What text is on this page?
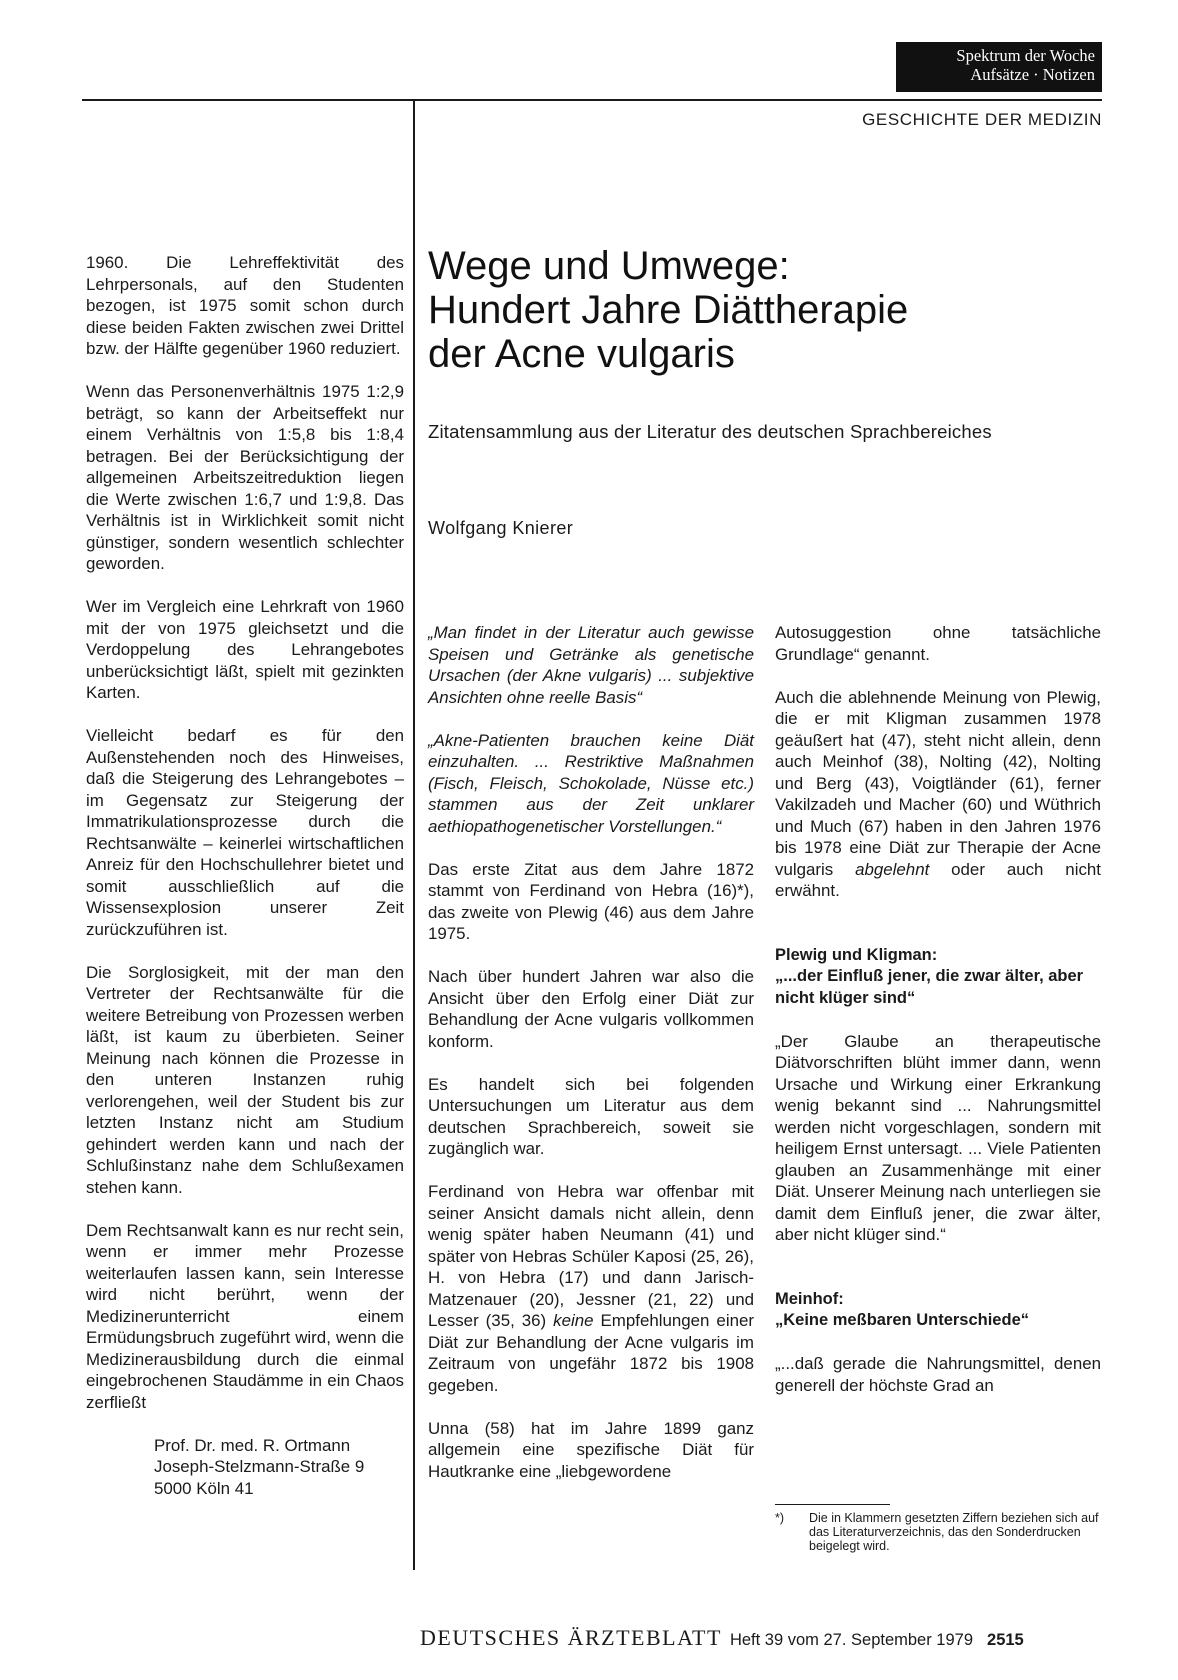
Spektrum der Woche
Aufsätze · Notizen
GESCHICHTE DER MEDIZIN

1960. Die Lehreffektivität des Lehrpersonals, auf den Studenten bezogen, ist 1975 somit schon durch diese beiden Fakten zwischen zwei Drittel bzw. der Hälfte gegenüber 1960 reduziert.

Wenn das Personenverhältnis 1975 1:2,9 beträgt, so kann der Arbeitseffekt nur einem Verhältnis von 1:5,8 bis 1:8,4 betragen. Bei der Berücksichtigung der allgemeinen Arbeitszeitreduktion liegen die Werte zwischen 1:6,7 und 1:9,8. Das Verhältnis ist in Wirklichkeit somit nicht günstiger, sondern wesentlich schlechter geworden.

Wer im Vergleich eine Lehrkraft von 1960 mit der von 1975 gleichsetzt und die Verdoppelung des Lehrangebotes unberücksichtigt läßt, spielt mit gezinkten Karten.

Vielleicht bedarf es für den Außenstehenden noch des Hinweises, daß die Steigerung des Lehrangebotes – im Gegensatz zur Steigerung der Immatrikulationsprozesse durch die Rechtsanwälte – keinerlei wirtschaftlichen Anreiz für den Hochschullehrer bietet und somit ausschließlich auf die Wissensexplosion unserer Zeit zurückzuführen ist.

Die Sorglosigkeit, mit der man den Vertreter der Rechtsanwälte für die weitere Betreibung von Prozessen werben läßt, ist kaum zu überbieten. Seiner Meinung nach können die Prozesse in den unteren Instanzen ruhig verlorengehen, weil der Student bis zur letzten Instanz nicht am Studium gehindert werden kann und nach der Schlußinstanz nahe dem Schlußexamen stehen kann.

Dem Rechtsanwalt kann es nur recht sein, wenn er immer mehr Prozesse weiterlaufen lassen kann, sein Interesse wird nicht berührt, wenn der Medizinerunterricht einem Ermüdungsbruch zugeführt wird, wenn die Medizinerausbildung durch die einmal eingebrochenen Staudämme in ein Chaos zerfließt

Prof. Dr. med. R. Ortmann
Joseph-Stelzmann-Straße 9
5000 Köln 41
Wege und Umwege:
Hundert Jahre Diättherapie
der Acne vulgaris
Zitatensammlung aus der Literatur des deutschen Sprachbereiches
Wolfgang Knierer

„Man findet in der Literatur auch gewisse Speisen und Getränke als genetische Ursachen (der Akne vulgaris) ... subjektive Ansichten ohne reelle Basis“

„Akne-Patienten brauchen keine Diät einzuhalten. ... Restriktive Maßnahmen (Fisch, Fleisch, Schokolade, Nüsse etc.) stammen aus der Zeit unklarer aethiopathogenetischer Vorstellungen.“

Das erste Zitat aus dem Jahre 1872 stammt von Ferdinand von Hebra (16)*), das zweite von Plewig (46) aus dem Jahre 1975.

Nach über hundert Jahren war also die Ansicht über den Erfolg einer Diät zur Behandlung der Acne vulgaris vollkommen konform.

Es handelt sich bei folgenden Untersuchungen um Literatur aus dem deutschen Sprachbereich, soweit sie zugänglich war.

Ferdinand von Hebra war offenbar mit seiner Ansicht damals nicht allein, denn wenig später haben Neumann (41) und später von Hebras Schüler Kaposi (25, 26), H. von Hebra (17) und dann Jarisch-Matzenauer (20), Jessner (21, 22) und Lesser (35, 36) keine Empfehlungen einer Diät zur Behandlung der Acne vulgaris im Zeitraum von ungefähr 1872 bis 1908 gegeben.

Unna (58) hat im Jahre 1899 ganz allgemein eine spezifische Diät für Hautkranke eine „liebgewordene

Autosuggestion ohne tatsächliche Grundlage“ genannt.

Auch die ablehnende Meinung von Plewig, die er mit Kligman zusammen 1978 geäußert hat (47), steht nicht allein, denn auch Meinhof (38), Nolting (42), Nolting und Berg (43), Voigtländer (61), ferner Vakilzadeh und Macher (60) und Wüthrich und Much (67) haben in den Jahren 1976 bis 1978 eine Diät zur Therapie der Acne vulgaris abgelehnt oder auch nicht erwähnt.

Plewig und Kligman:
„...der Einfluß jener, die zwar älter, aber nicht klüger sind“

„Der Glaube an therapeutische Diätvorschriften blüht immer dann, wenn Ursache und Wirkung einer Erkrankung wenig bekannt sind ... Nahrungsmittel werden nicht vorgeschlagen, sondern mit heiligem Ernst untersagt. ... Viele Patienten glauben an Zusammenhänge mit einer Diät. Unserer Meinung nach unterliegen sie damit dem Einfluß jener, die zwar älter, aber nicht klüger sind.“

Meinhof:
„Keine meßbaren Unterschiede“

„...daß gerade die Nahrungsmittel, denen generell der höchste Grad an

*) Die in Klammern gesetzten Ziffern beziehen sich auf das Literaturverzeichnis, das den Sonderdrucken beigelegt wird.
DEUTSCHES ÄRZTEBLATT Heft 39 vom 27. September 1979 2515
